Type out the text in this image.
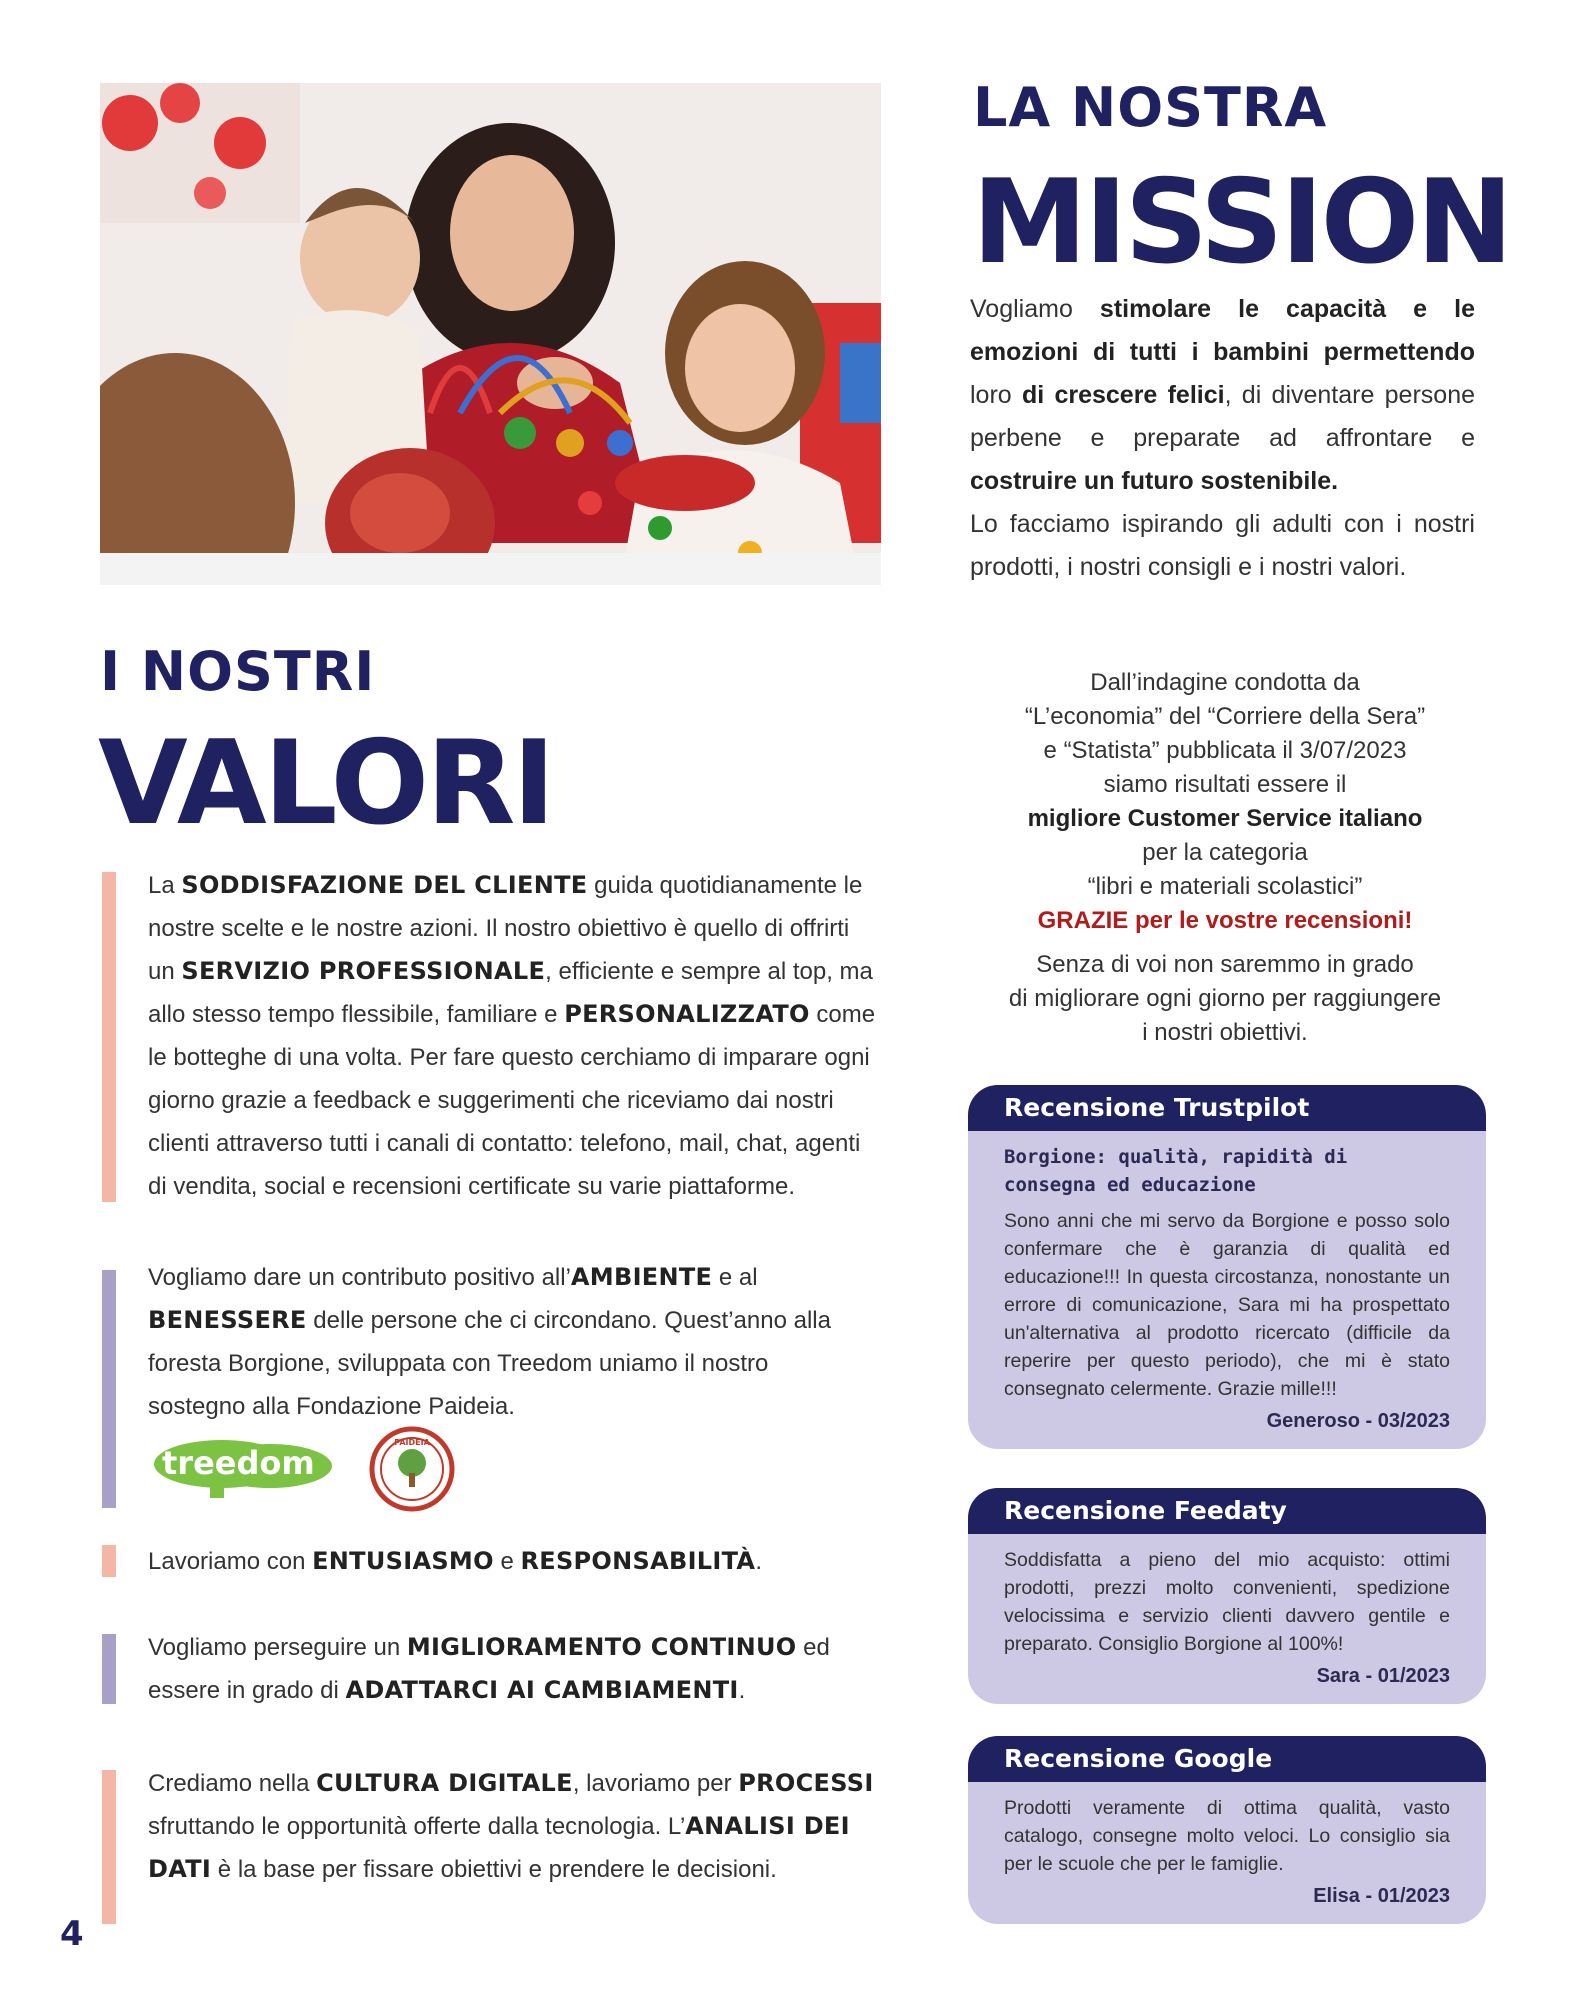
LA NOSTRA
MISSION
Vogliamo stimolare le capacità e le emozioni di tutti i bambini permettendo loro di crescere felici, di diventare persone perbene e preparate ad affrontare e costruire un futuro sostenibile.
Lo facciamo ispirando gli adulti con i nostri prodotti, i nostri consigli e i nostri valori.
I NOSTRI
VALORI
La SODDISFAZIONE DEL CLIENTE guida quotidianamente le nostre scelte e le nostre azioni. Il nostro obiettivo è quello di offrirti un SERVIZIO PROFESSIONALE, efficiente e sempre al top, ma allo stesso tempo flessibile, familiare e PERSONALIZZATO come le botteghe di una volta. Per fare questo cerchiamo di imparare ogni giorno grazie a feedback e suggerimenti che riceviamo dai nostri clienti attraverso tutti i canali di contatto: telefono, mail, chat, agenti di vendita, social e recensioni certificate su varie piattaforme.
Vogliamo dare un contributo positivo all’AMBIENTE e al BENESSERE delle persone che ci circondano. Quest’anno alla foresta Borgione, sviluppata con Treedom uniamo il nostro sostegno alla Fondazione Paideia.
treedom
PAIDEIA
Lavoriamo con ENTUSIASMO e RESPONSABILITÀ.
Vogliamo perseguire un MIGLIORAMENTO CONTINUO ed essere in grado di ADATTARCI AI CAMBIAMENTI.
Crediamo nella CULTURA DIGITALE, lavoriamo per PROCESSI sfruttando le opportunità offerte dalla tecnologia. L’ANALISI DEI DATI è la base per fissare obiettivi e prendere le decisioni.
Dall’indagine condotta da
“L’economia” del “Corriere della Sera”
e “Statista” pubblicata il 3/07/2023
siamo risultati essere il
migliore Customer Service italiano
per la categoria
“libri e materiali scolastici”
GRAZIE per le vostre recensioni!
Senza di voi non saremmo in grado
di migliorare ogni giorno per raggiungere
i nostri obiettivi.
Recensione Trustpilot
Borgione: qualità, rapidità di consegna ed educazione
Sono anni che mi servo da Borgione e posso solo confermare che è garanzia di qualità ed educazione!!! In questa circostanza, nonostante un errore di comunicazione, Sara mi ha prospettato un'alternativa al prodotto ricercato (difficile da reperire per questo periodo), che mi è stato consegnato celermente. Grazie mille!!!
Generoso - 03/2023
Recensione Feedaty
Soddisfatta a pieno del mio acquisto: ottimi prodotti, prezzi molto convenienti, spedizione velocissima e servizio clienti davvero gentile e preparato. Consiglio Borgione al 100%!
Sara - 01/2023
Recensione Google
Prodotti veramente di ottima qualità, vasto catalogo, consegne molto veloci. Lo consiglio sia per le scuole che per le famiglie.
Elisa - 01/2023
4
